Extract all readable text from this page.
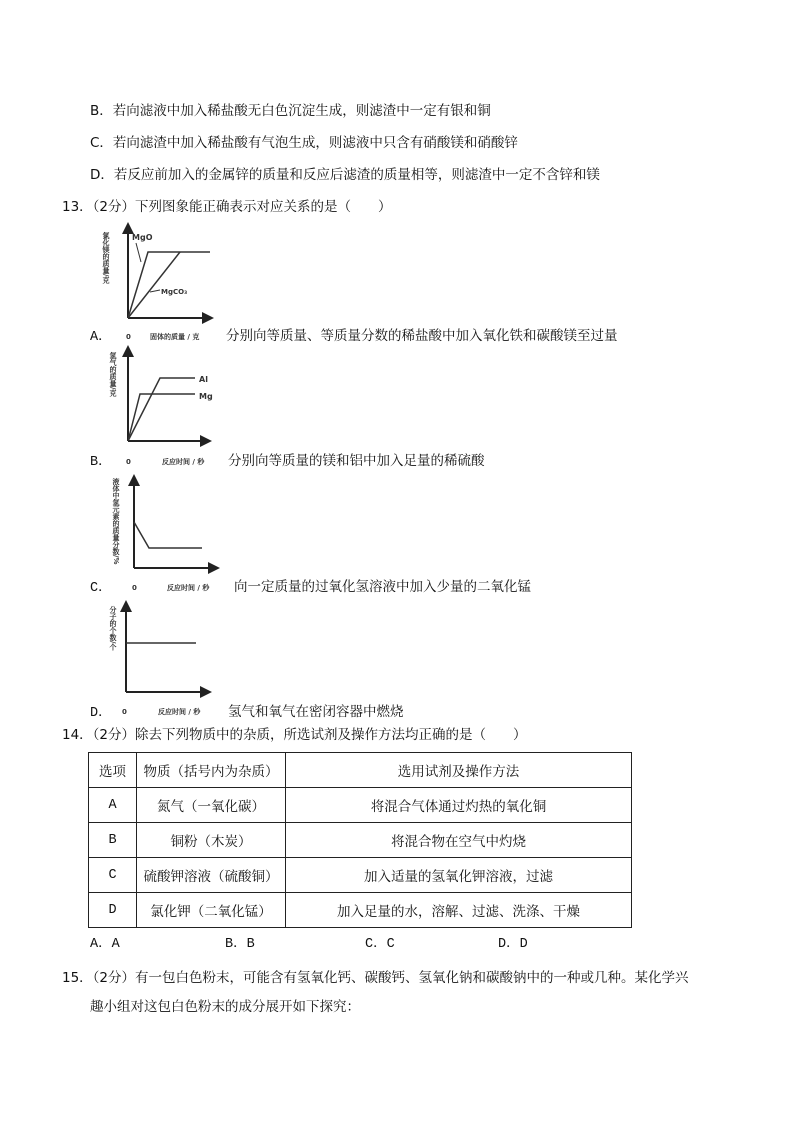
B．若向滤液中加入稀盐酸无白色沉淀生成，则滤渣中一定有银和铜
C．若向滤渣中加入稀盐酸有气泡生成，则滤液中只含有硝酸镁和硝酸锌
D．若反应前加入的金属锌的质量和反应后滤渣的质量相等，则滤渣中一定不含锌和镁
13．（2分）下列图象能正确表示对应关系的是（　　）
MgO
MgCO₃
氯化镁的质量/克
0	固体的质量 / 克
Al
Mg
氢气的质量/克
0	反应时间 / 秒
液体中氢元素的质量分数/%
0	反应时间 / 秒
分子的个数/个
0	反应时间 / 秒
A．	分别向等质量、等质量分数的稀盐酸中加入氧化铁和碳酸镁至过量
B．	分别向等质量的镁和铝中加入足量的稀硫酸
C．	向一定质量的过氧化氢溶液中加入少量的二氧化锰
D．	氢气和氧气在密闭容器中燃烧
14．（2分）除去下列物质中的杂质，所选试剂及操作方法均正确的是（　　）
选项	物质（括号内为杂质）	选用试剂及操作方法
A	氮气（一氧化碳）	将混合气体通过灼热的氧化铜
B	铜粉（木炭）	将混合物在空气中灼烧
C	硫酸钾溶液（硫酸铜）	加入适量的氢氧化钾溶液，过滤
D	氯化钾（二氧化锰）	加入足量的水，溶解、过滤、洗涤、干燥
A．A	B．B	C．C	D．D
15．（2分）有一包白色粉末，可能含有氢氧化钙、碳酸钙、氢氧化钠和碳酸钠中的一种或几种。某化学兴
趣小组对这包白色粉末的成分展开如下探究：
